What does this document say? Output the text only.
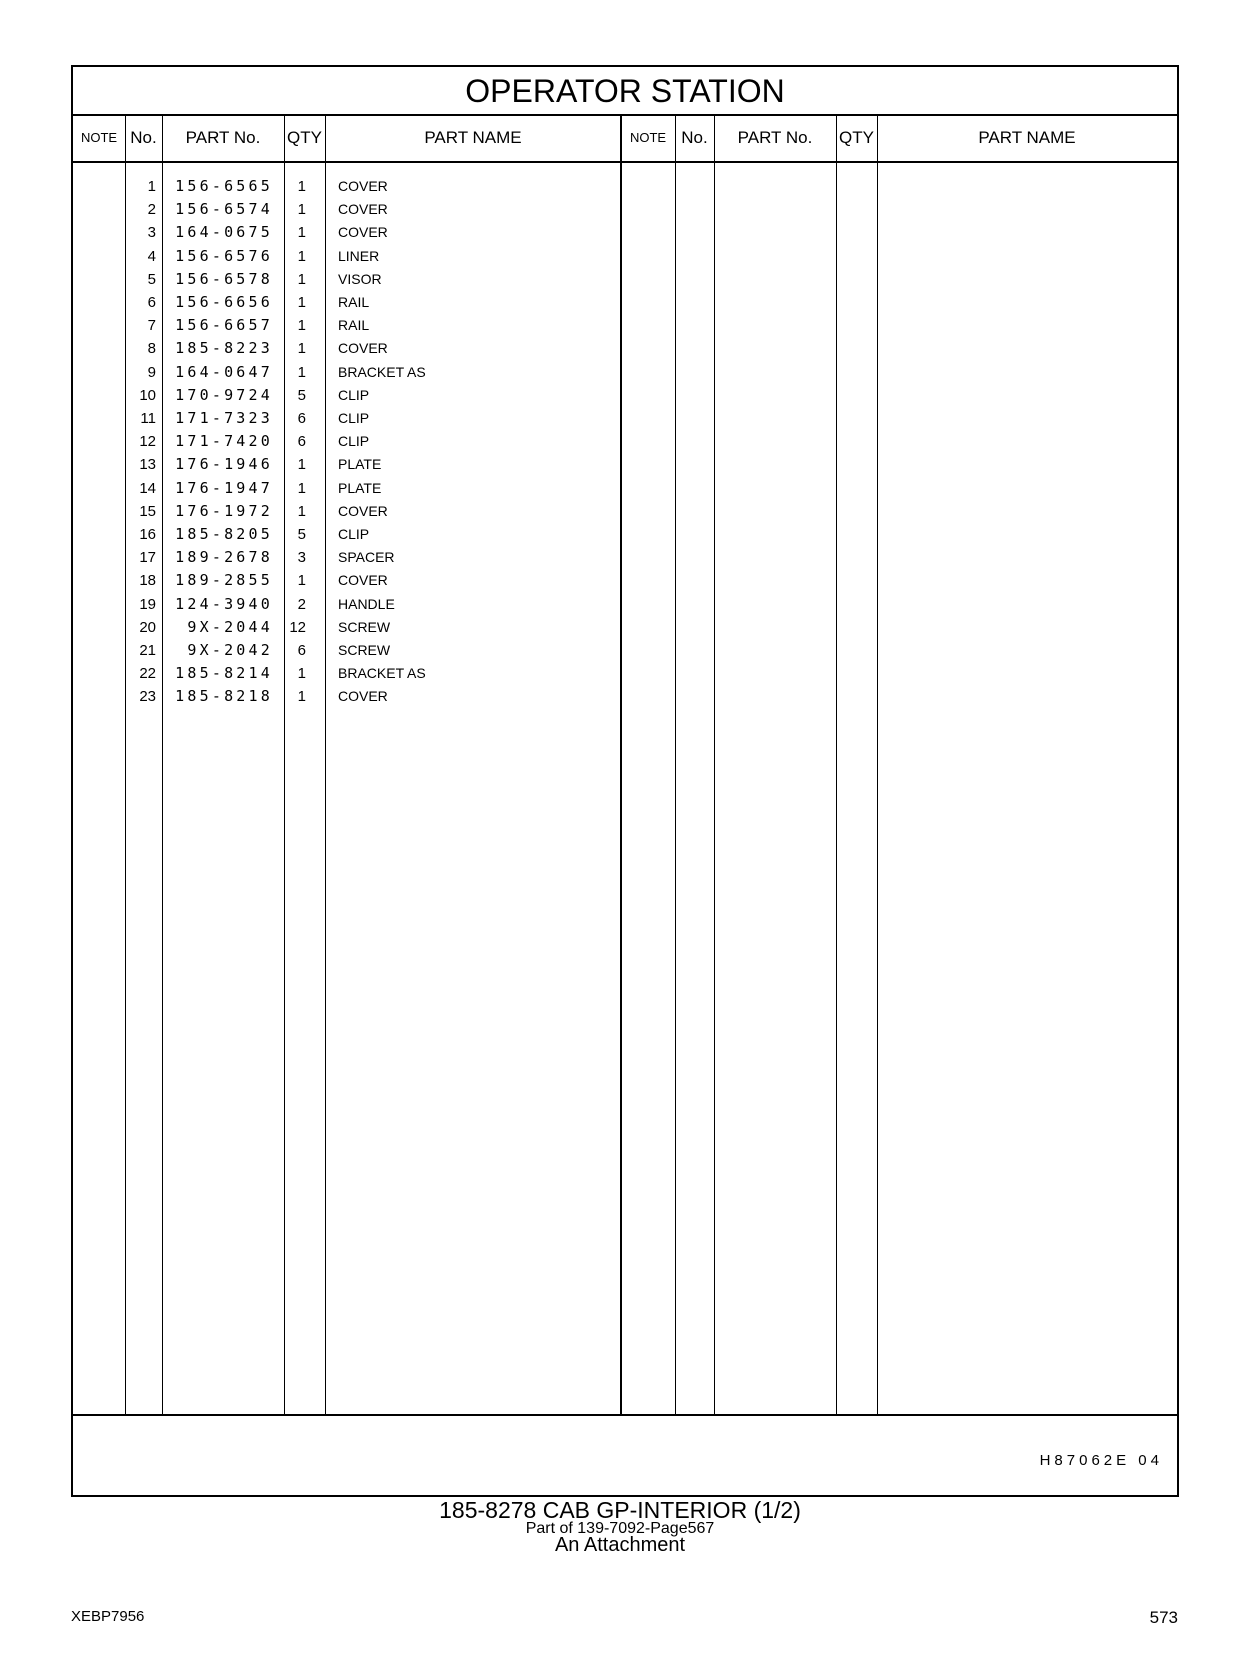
OPERATOR STATION
NOTE No.	PART No.	QTY	PART NAME	NOTE No.	PART No.	QTY	PART NAME
1	156-6565	1 COVER
2	156-6574	1 COVER
3	164-0675	1 COVER
4	156-6576	1 LINER
5	156-6578	1 VISOR
6	156-6656	1 RAIL
7	156-6657	1 RAIL
8	185-8223	1 COVER
9	164-0647	1 BRACKET AS
10	170-9724	5 CLIP
11	171-7323	6 CLIP
12	171-7420	6 CLIP
13	176-1946	1 PLATE
14	176-1947	1 PLATE
15	176-1972	1 COVER
16	185-8205	5 CLIP
17	189-2678	3 SPACER
18	189-2855	1 COVER
19	124-3940	2 HANDLE
20	9X-2044	12 SCREW
21	9X-2042	6 SCREW
22	185-8214	1 BRACKET AS
23	185-8218	1 COVER
H87062E 04
185-8278 CAB GP-INTERIOR (1/2)
Part of 139-7092-Page567
An Attachment
XEBP7956	573
